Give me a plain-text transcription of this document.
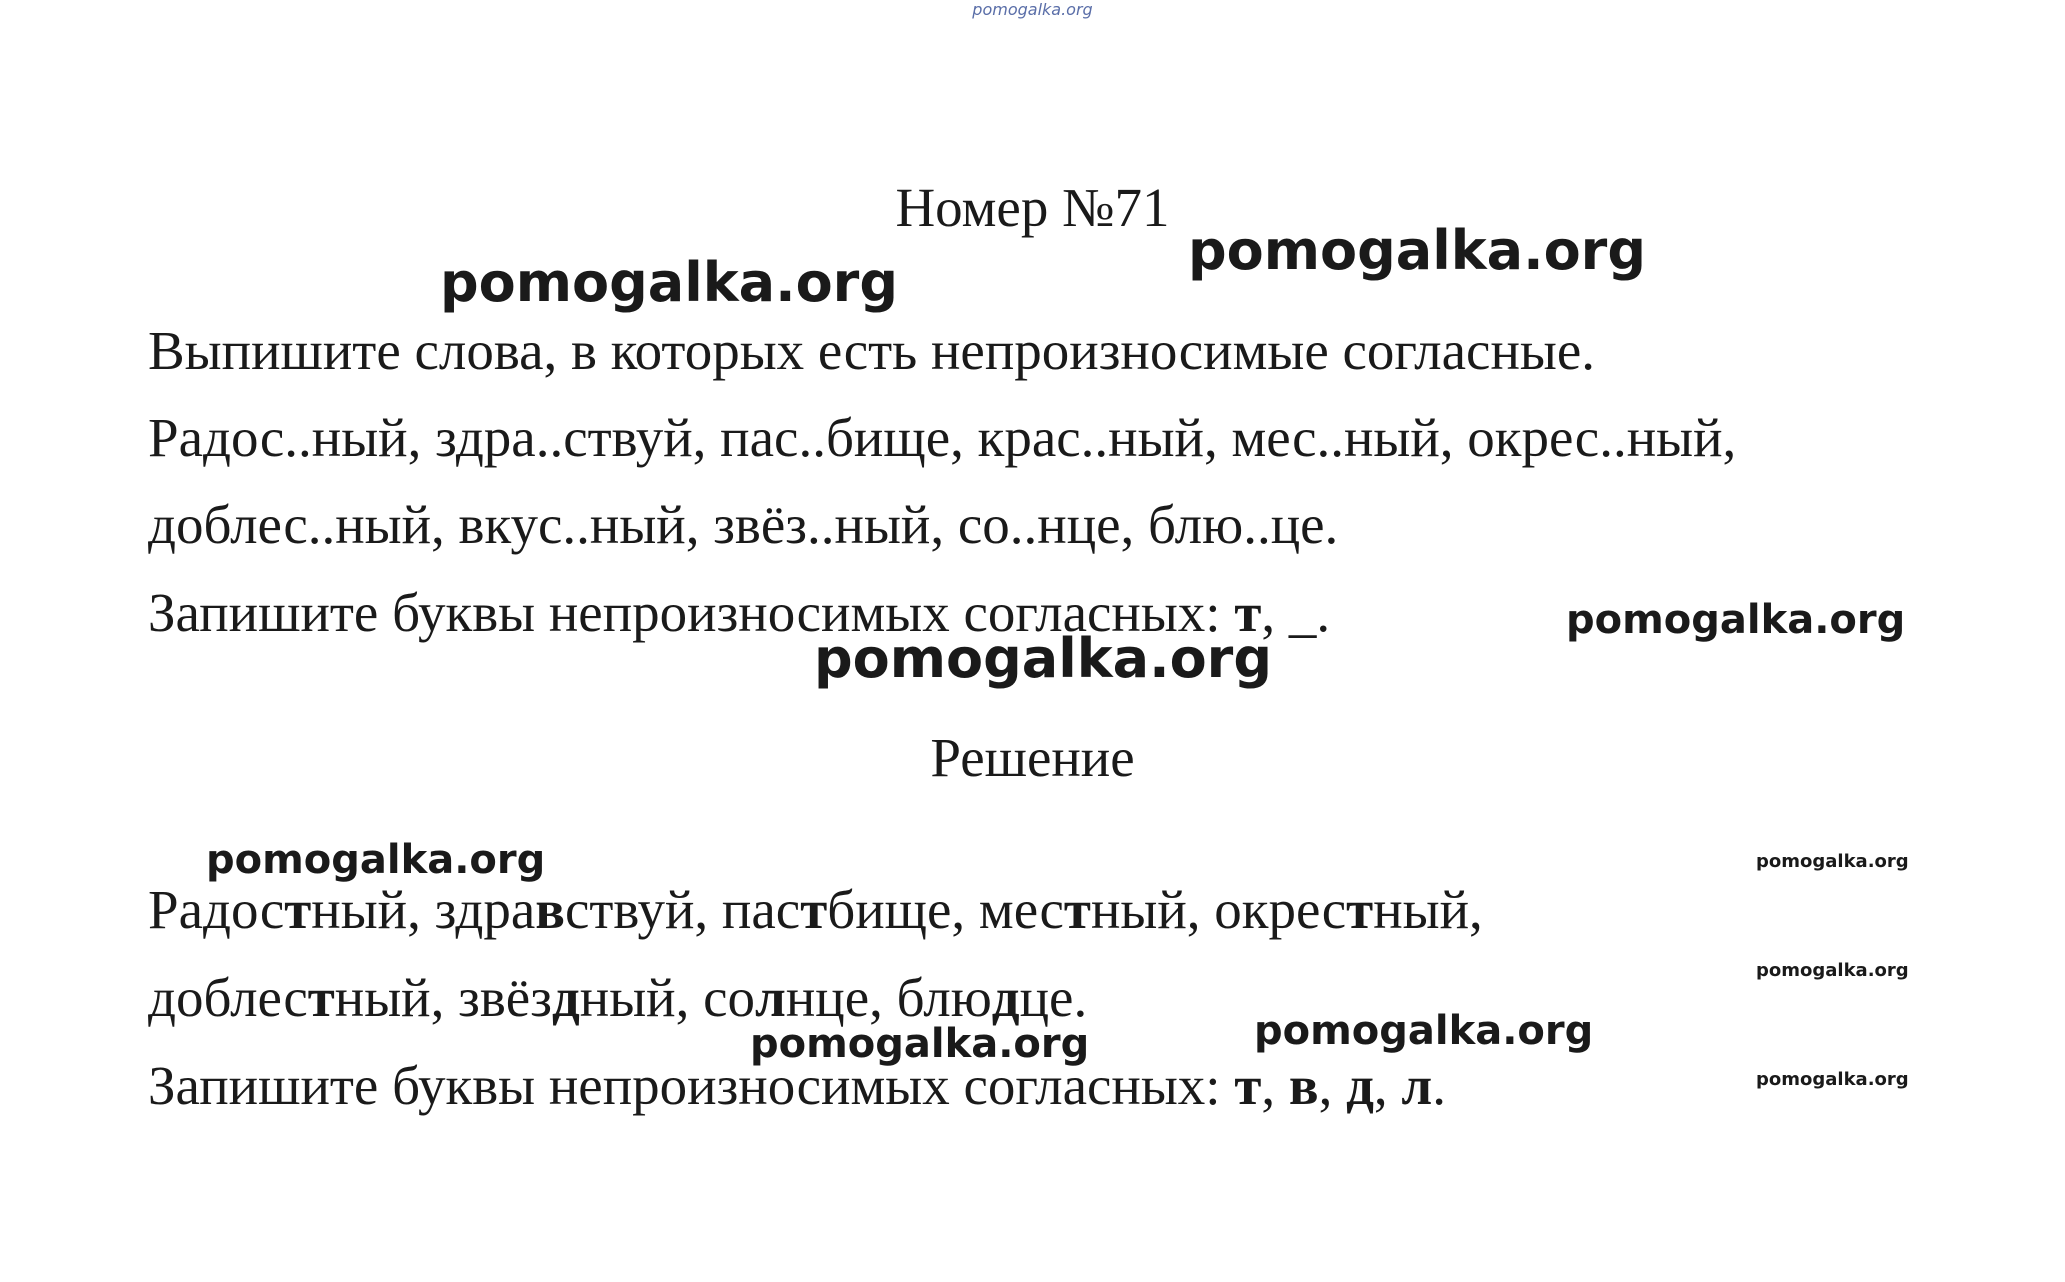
pomogalka.org
Номер №71
pomogalka.org
pomogalka.org
Выпишите слова, в которых есть непроизносимые согласные.
Радос..ный, здра..ствуй, пас..бище, крас..ный, мес..ный, окрес..ный,
доблес..ный, вкус..ный, звёз..ный, со..нце, блю..це.
Запишите буквы непроизносимых согласных: т, _.	pomogalka.org
pomogalka.org
Решение
pomogalka.org	pomogalka.org
pomogalka.org
pomogalka.org
Радостный, здравствуй, пастбище, местный, окрестный,
доблестный, звёздный, солнце, блюдце.
pomogalka.org
pomogalka.org
Запишите буквы непроизносимых согласных: т, в, д, л.
